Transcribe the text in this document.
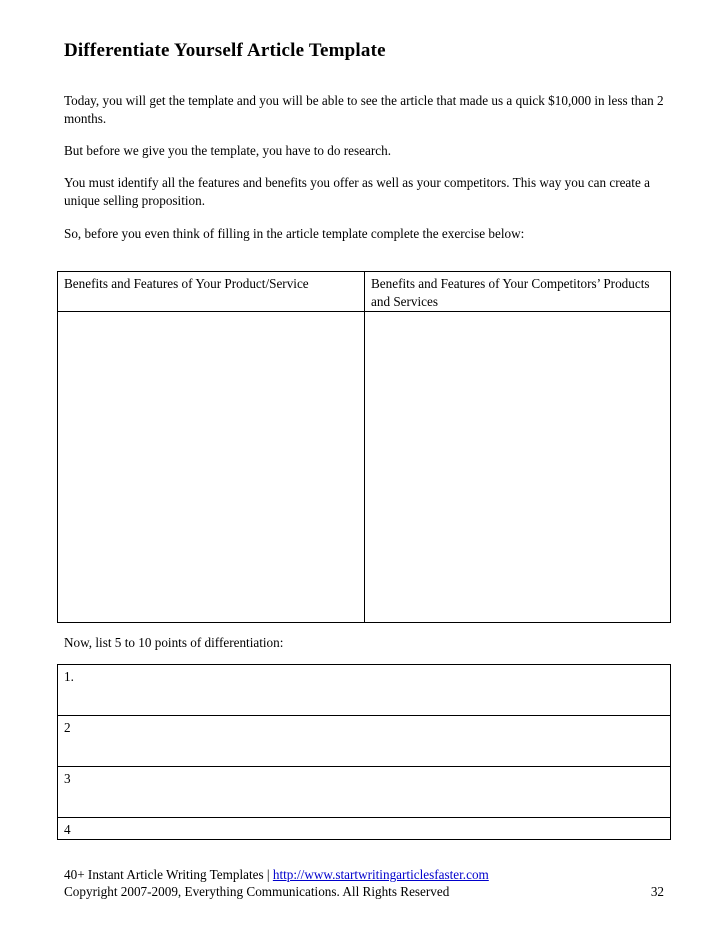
Differentiate Yourself Article Template
Today, you will get the template and you will be able to see the article that made us a quick $10,000 in less than 2 months.
But before we give you the template, you have to do research.
You must identify all the features and benefits you offer as well as your competitors. This way you can create a unique selling proposition.
So, before you even think of filling in the article template complete the exercise below:
Benefits and Features of Your Product/Service	Benefits and Features of Your Competitors’ Products and Services

Now, list 5 to 10 points of differentiation:
1.
2
3
4
40+ Instant Article Writing Templates | http://www.startwritingarticlesfaster.com
Copyright 2007-2009, Everything Communications. All Rights Reserved	32
